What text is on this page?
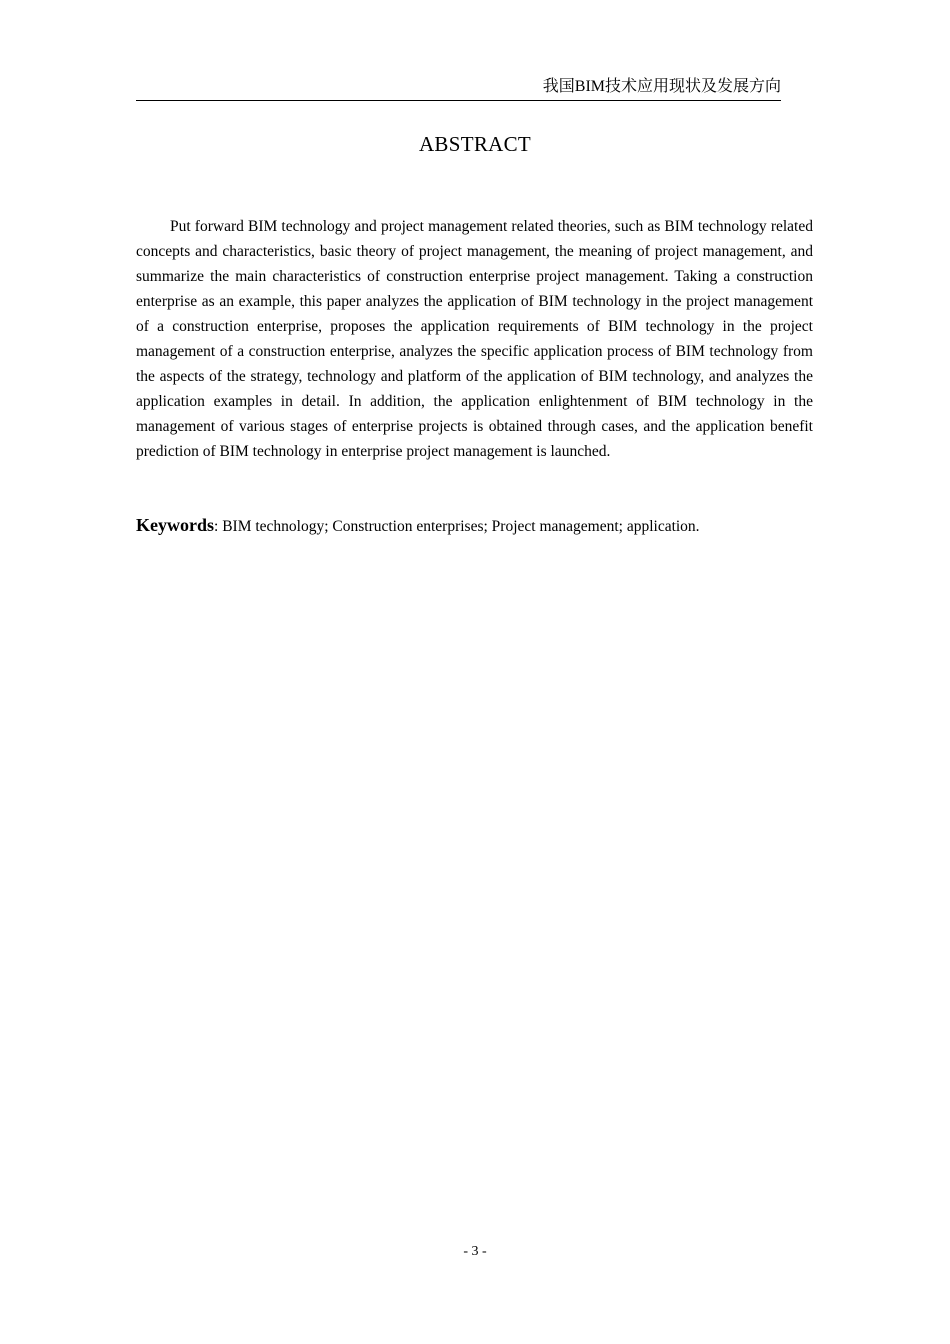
我国BIM技术应用现状及发展方向
ABSTRACT

Put forward BIM technology and project management related theories, such as BIM technology related concepts and characteristics, basic theory of project management, the meaning of project management, and summarize the main characteristics of construction enterprise project management. Taking a construction enterprise as an example, this paper analyzes the application of BIM technology in the project management of a construction enterprise, proposes the application requirements of BIM technology in the project management of a construction enterprise, analyzes the specific application process of BIM technology from the aspects of the strategy, technology and platform of the application of BIM technology, and analyzes the application examples in detail. In addition, the application enlightenment of BIM technology in the management of various stages of enterprise projects is obtained through cases, and the application benefit prediction of BIM technology in enterprise project management is launched.

Keywords: BIM technology; Construction enterprises; Project management; application.

- 3 -
